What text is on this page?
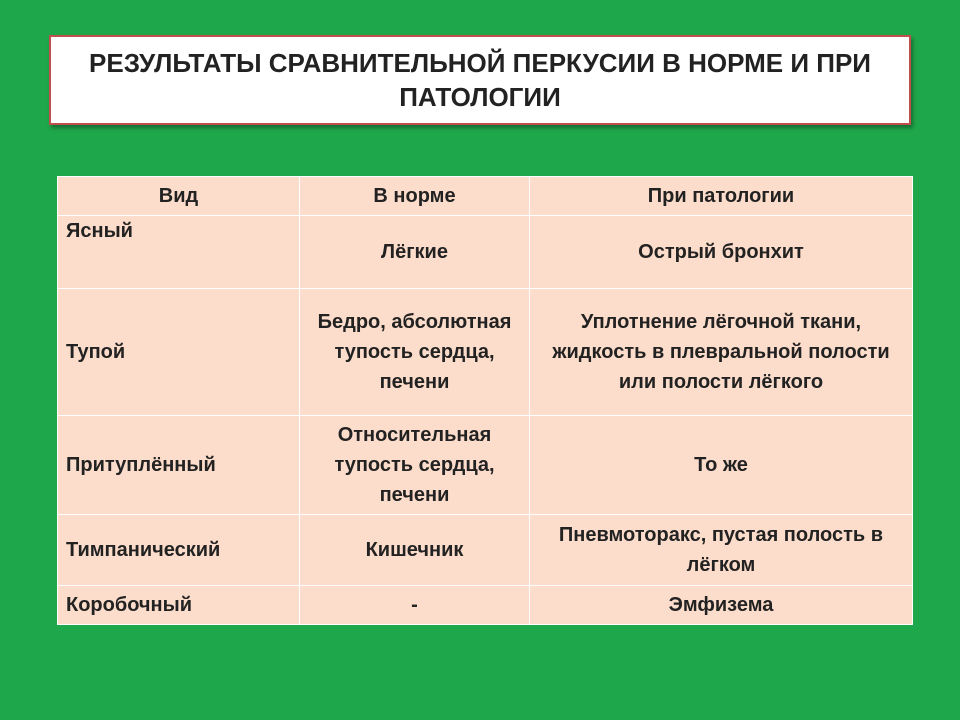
РЕЗУЛЬТАТЫ СРАВНИТЕЛЬНОЙ ПЕРКУСИИ В НОРМЕ И ПРИ ПАТОЛОГИИ
Вид	В норме	При патологии
Ясный	Лёгкие	Острый бронхит
Тупой	Бедро, абсолютная тупость сердца, печени	Уплотнение лёгочной ткани, жидкость в плевральной полости или полости лёгкого
Притуплённый	Относительная тупость сердца, печени	То же
Тимпанический	Кишечник	Пневмоторакс, пустая полость в лёгком
Коробочный	-	Эмфизема
